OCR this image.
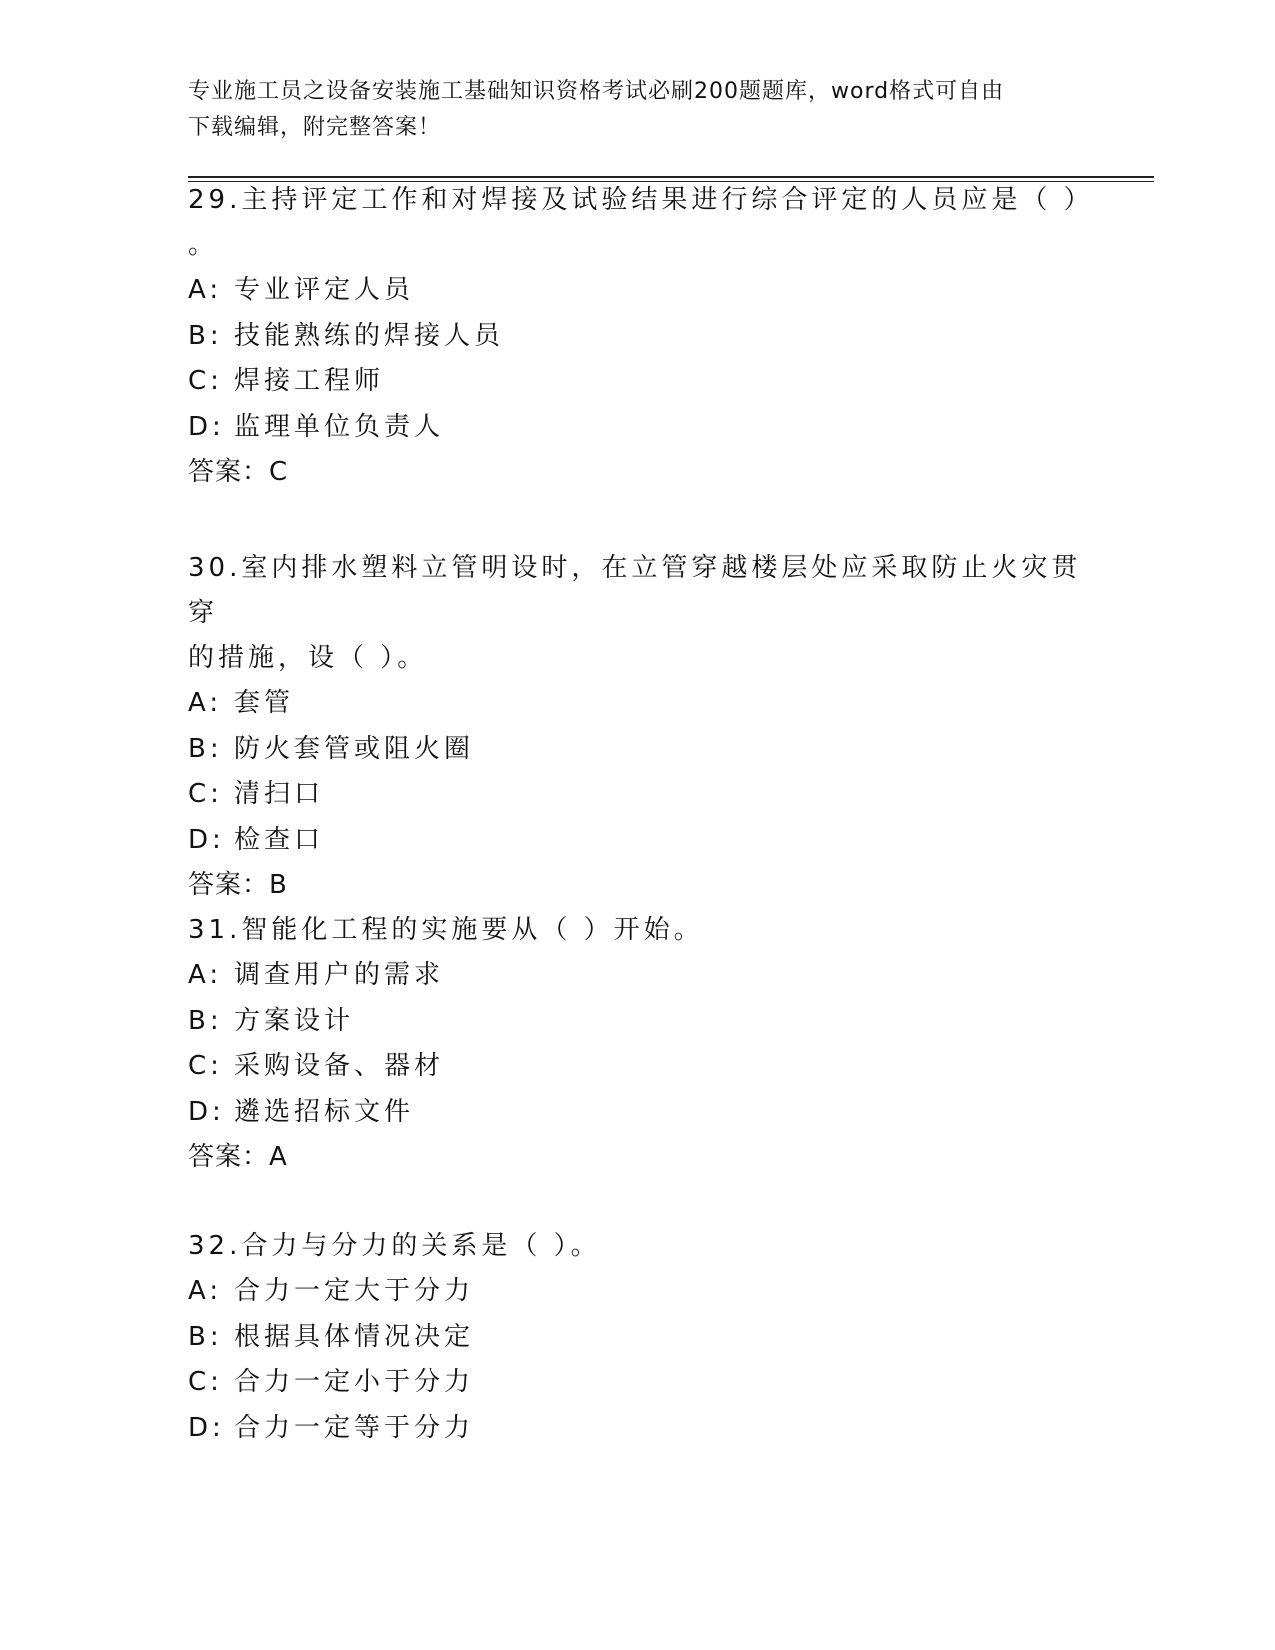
专业施工员之设备安装施工基础知识资格考试必刷200题题库，word格式可自由
下载编辑，附完整答案！
29.主持评定工作和对焊接及试验结果进行综合评定的人员应是（ ）
。
A: 专业评定人员
B: 技能熟练的焊接人员
C: 焊接工程师
D: 监理单位负责人
答案：C
30.室内排水塑料立管明设时，在立管穿越楼层处应采取防止火灾贯穿
的措施，设（ ）。
A: 套管
B: 防火套管或阻火圈
C: 清扫口
D: 检查口
答案：B
31.智能化工程的实施要从（ ）开始。
A: 调查用户的需求
B: 方案设计
C: 采购设备、器材
D: 遴选招标文件
答案：A
32.合力与分力的关系是（ ）。
A: 合力一定大于分力
B: 根据具体情况决定
C: 合力一定小于分力
D: 合力一定等于分力
